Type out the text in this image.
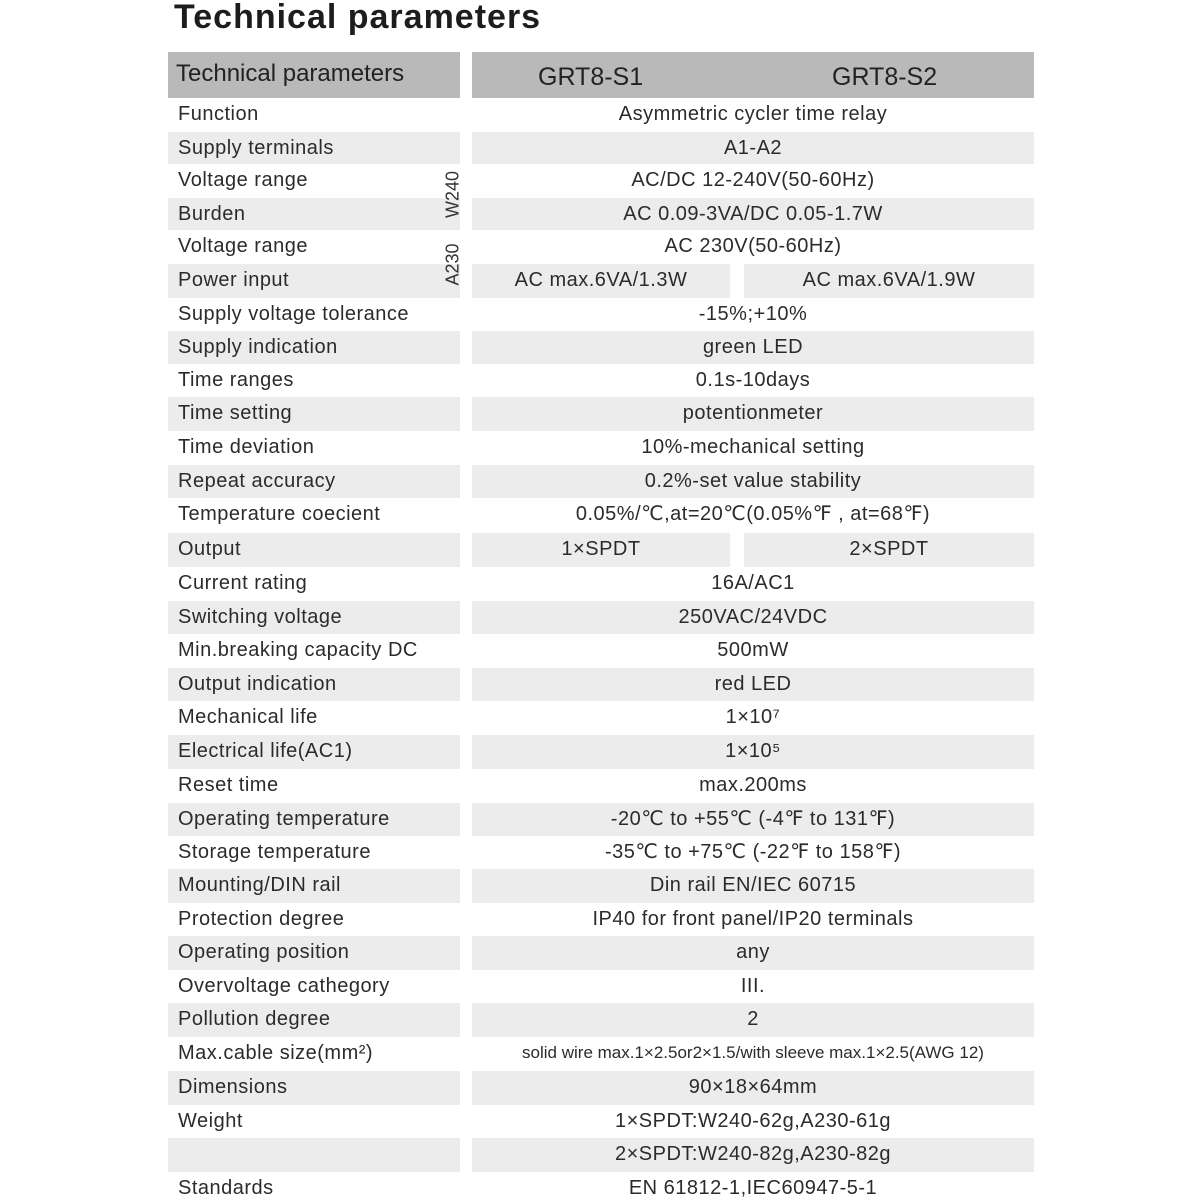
Technical parameters
Technical parameters	GRT8-S1	GRT8-S2
Function	Asymmetric cycler time relay
Supply terminals	A1-A2
Voltage range	AC/DC 12-240V(50-60Hz)
Burden	AC 0.09-3VA/DC 0.05-1.7W
Voltage range	AC 230V(50-60Hz)
Power input	AC max.6VA/1.3W	AC max.6VA/1.9W
Supply voltage tolerance	-15%;+10%
Supply indication	green LED
Time ranges	0.1s-10days
Time setting	potentionmeter
Time deviation	10%-mechanical setting
Repeat accuracy	0.2%-set value stability
Temperature coecient	0.05%/℃,at=20℃(0.05%℉ , at=68℉)
Output	1×SPDT	2×SPDT
Current rating	16A/AC1
Switching voltage	250VAC/24VDC
Min.breaking capacity DC	500mW
Output indication	red LED
Mechanical life	1×10⁷
Electrical life(AC1)	1×10⁵
Reset time	max.200ms
Operating temperature	-20℃ to +55℃ (-4℉ to 131℉)
Storage temperature	-35℃ to +75℃ (-22℉ to 158℉)
Mounting/DIN rail	Din rail EN/IEC 60715
Protection degree	IP40 for front panel/IP20 terminals
Operating position	any
Overvoltage cathegory	III.
Pollution degree	2
Max.cable size(mm²)	solid wire max.1×2.5or2×1.5/with sleeve max.1×2.5(AWG 12)
Dimensions	90×18×64mm
Weight	1×SPDT:W240-62g,A230-61g
2×SPDT:W240-82g,A230-82g
Standards	EN 61812-1,IEC60947-5-1
W240
A230
